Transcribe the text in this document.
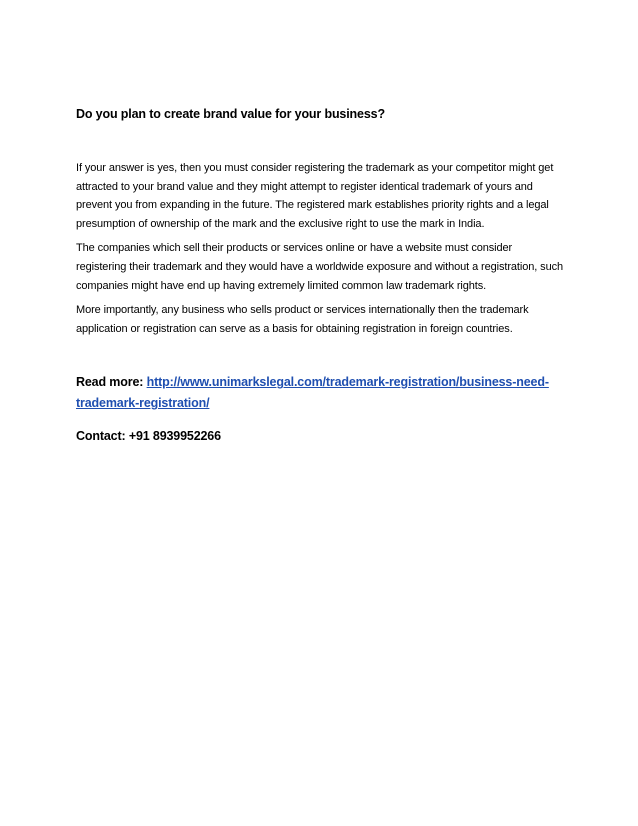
Do you plan to create brand value for your business?

If your answer is yes, then you must consider registering the trademark as your competitor might get attracted to your brand value and they might attempt to register identical trademark of yours and prevent you from expanding in the future. The registered mark establishes priority rights and a legal presumption of ownership of the mark and the exclusive right to use the mark in India.

The companies which sell their products or services online or have a website must consider registering their trademark and they would have a worldwide exposure and without a registration, such companies might have end up having extremely limited common law trademark rights.

More importantly, any business who sells product or services internationally then the trademark application or registration can serve as a basis for obtaining registration in foreign countries.

Read more: http://www.unimarkslegal.com/trademark-registration/business-need-trademark-registration/

Contact: +91 8939952266
